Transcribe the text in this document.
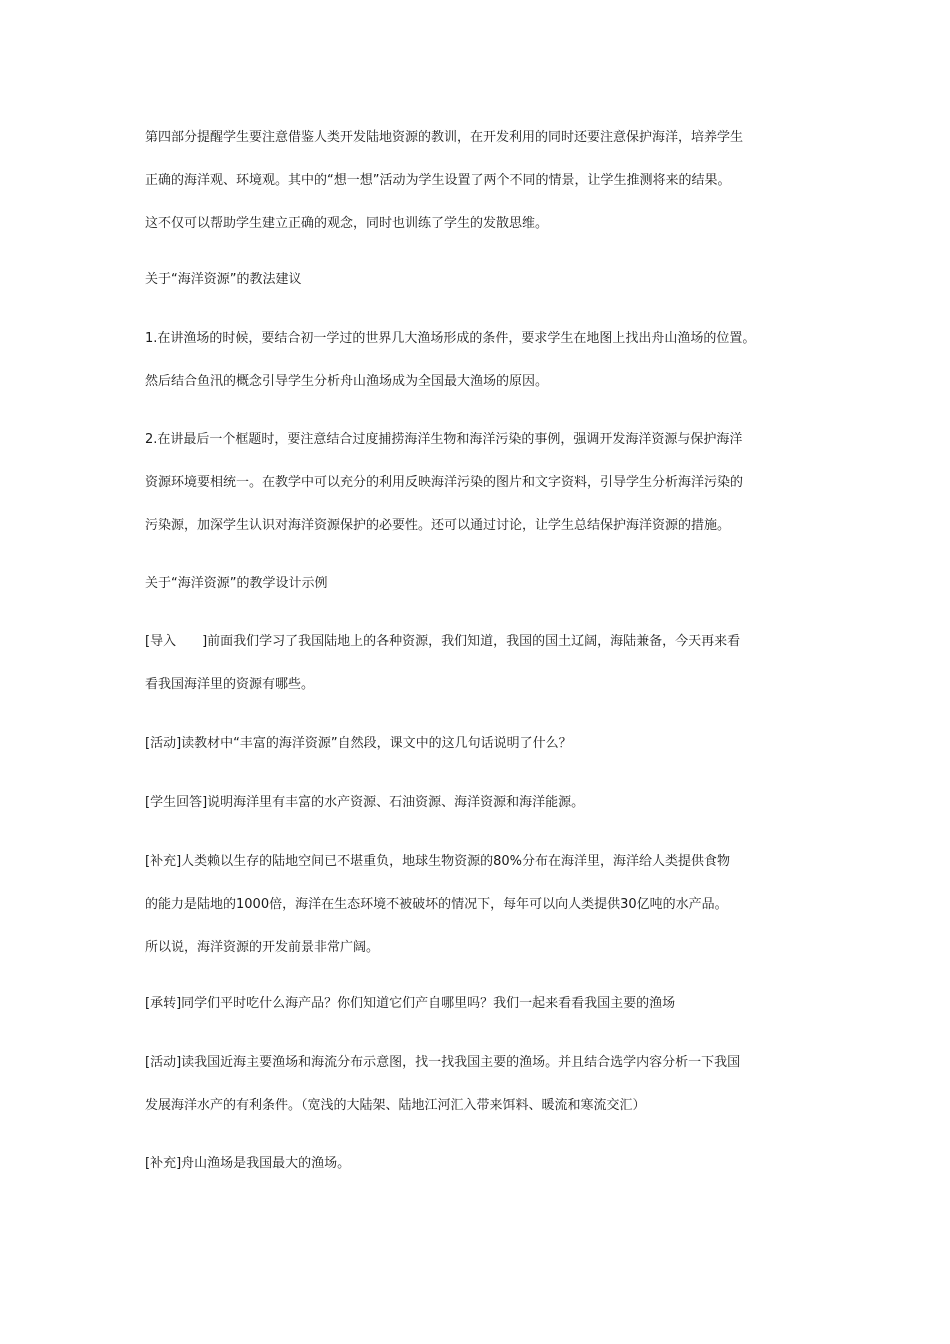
第四部分提醒学生要注意借鉴人类开发陆地资源的教训，在开发利用的同时还要注意保护海洋，培养学生
正确的海洋观、环境观。其中的“想一想”活动为学生设置了两个不同的情景，让学生推测将来的结果。
这不仅可以帮助学生建立正确的观念，同时也训练了学生的发散思维。
关于“海洋资源”的教法建议
1.在讲渔场的时候，要结合初一学过的世界几大渔场形成的条件，要求学生在地图上找出舟山渔场的位置。
然后结合鱼汛的概念引导学生分析舟山渔场成为全国最大渔场的原因。
2.在讲最后一个框题时，要注意结合过度捕捞海洋生物和海洋污染的事例，强调开发海洋资源与保护海洋
资源环境要相统一。在教学中可以充分的利用反映海洋污染的图片和文字资料，引导学生分析海洋污染的
污染源，加深学生认识对海洋资源保护的必要性。还可以通过讨论，让学生总结保护海洋资源的措施。
关于“海洋资源”的教学设计示例
[导入　　]前面我们学习了我国陆地上的各种资源，我们知道，我国的国土辽阔，海陆兼备，今天再来看
看我国海洋里的资源有哪些。
[活动]读教材中“丰富的海洋资源”自然段，课文中的这几句话说明了什么？
[学生回答]说明海洋里有丰富的水产资源、石油资源、海洋资源和海洋能源。
[补充]人类赖以生存的陆地空间已不堪重负，地球生物资源的80%分布在海洋里，海洋给人类提供食物
的能力是陆地的1000倍，海洋在生态环境不被破坏的情况下，每年可以向人类提供30亿吨的水产品。
所以说，海洋资源的开发前景非常广阔。
[承转]同学们平时吃什么海产品？你们知道它们产自哪里吗？我们一起来看看我国主要的渔场
[活动]读我国近海主要渔场和海流分布示意图，找一找我国主要的渔场。并且结合选学内容分析一下我国
发展海洋水产的有利条件。（宽浅的大陆架、陆地江河汇入带来饵料、暖流和寒流交汇）
[补充]舟山渔场是我国最大的渔场。
